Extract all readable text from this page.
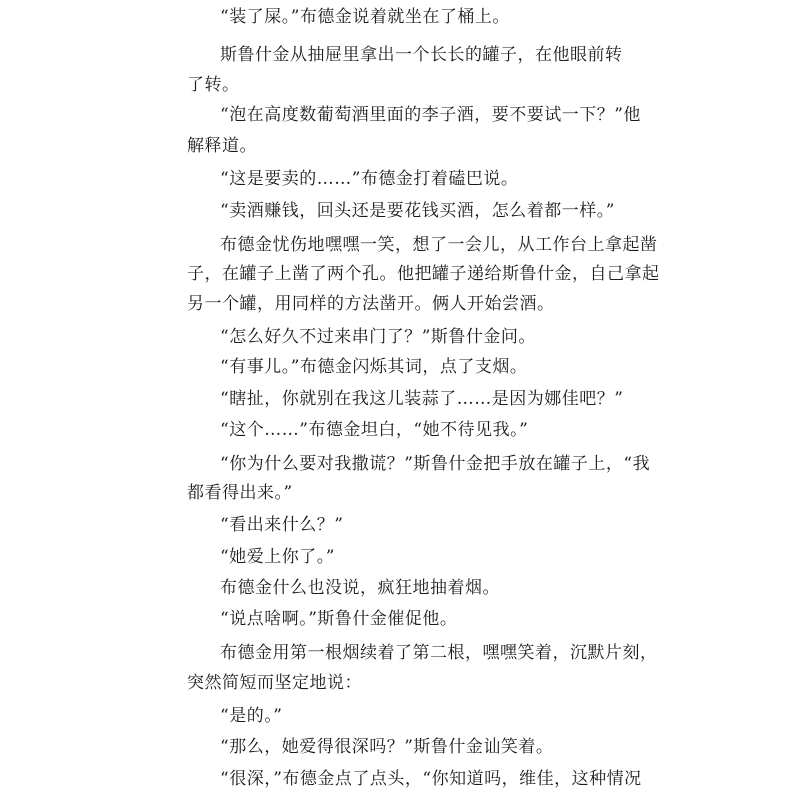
“装了屎。”布德金说着就坐在了桶上。
斯鲁什金从抽屉里拿出一个长长的罐子，在他眼前转
了转。
“泡在高度数葡萄酒里面的李子酒，要不要试一下？”他
解释道。
“这是要卖的……”布德金打着磕巴说。
“卖酒赚钱，回头还是要花钱买酒，怎么着都一样。”
布德金忧伤地嘿嘿一笑，想了一会儿，从工作台上拿起凿
子，在罐子上凿了两个孔。他把罐子递给斯鲁什金，自己拿起
另一个罐，用同样的方法凿开。俩人开始尝酒。
“怎么好久不过来串门了？”斯鲁什金问。
“有事儿。”布德金闪烁其词，点了支烟。
“瞎扯，你就别在我这儿装蒜了……是因为娜佳吧？”
“这个……”布德金坦白，“她不待见我。”
“你为什么要对我撒谎？”斯鲁什金把手放在罐子上，“我
都看得出来。”
“看出来什么？”
“她爱上你了。”
布德金什么也没说，疯狂地抽着烟。
“说点啥啊。”斯鲁什金催促他。
布德金用第一根烟续着了第二根，嘿嘿笑着，沉默片刻，
突然简短而坚定地说：
“是的。”
“那么，她爱得很深吗？”斯鲁什金讪笑着。
“很深，”布德金点了点头，“你知道吗，维佳，这种情况
